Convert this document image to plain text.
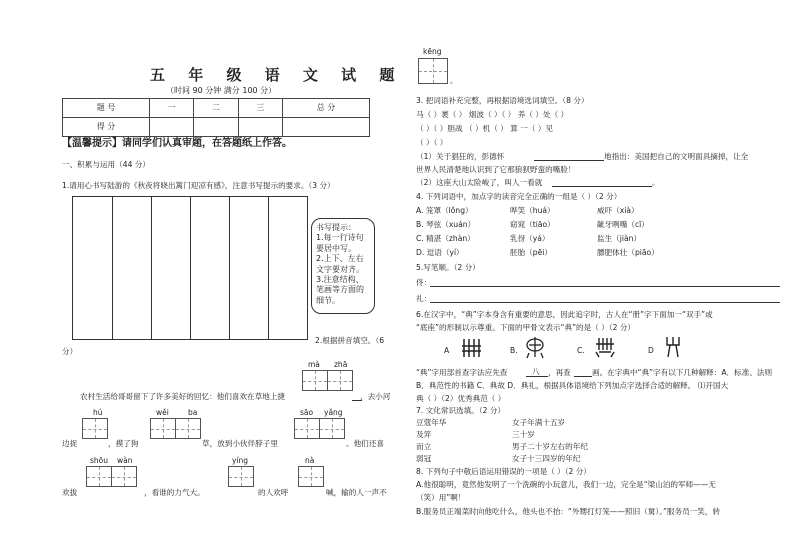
五 年 级 语 文 试 题
（时间 90 分钟 满分 100 分）
题 号	一	二	三	总 分
得 分				
【温馨提示】请同学们认真审题，在答题纸上作答。
一、积累与运用（44 分）
1.请用心书写陆游的《秋夜将晓出篱门迎凉有感》，注意书写提示的要求。（3 分）
书写提示：
1.每一行诗句要居中写。
2.上下、左右文字要对齐。
3.注意结构、笔画等方面的细节。
2.根据拼音填空。（6
分）
mà zhā
农村生活给哥哥留下了许多美好的回忆：他们喜欢在草地上捷	，去小河
hú	wěi	ba	sāo yǎng
边捉	，摸了狗	草，放到小伙伴脖子里	。他们还喜
shōu wàn	yíng	nà
欢拔	，看谁的力气大。	的人欢呼	喊，输的人一声不
kēng
。
3. 把词语补充完整，再根据语境选词填空。（8 分）
马（ ）裹（ ） 烟波（ ）（ ） 养（ ）处（ ）
（ ）（ ）胆战 （ ）机（ ） 算 一（ ）见
（ ）（ ）
（1）关于猖狂的，彭德怀	地指出：美国把自己的文明面具摘掉，让全
世界人民清楚地认识到了它那狼狈野蛮的嘴脸！
（2）这座大山太险峻了，叫人一看就	。
4. 下列词语中，加点字的读音完全正确的一组是（ ）（2 分）
A. 笼罩（lǒng）	哗笑（huá）	威吓（xià）
B. 琴弦（xuán）	窈窕（tiāo）	龇牙咧嘴（cī）
C. 精湛（zhàn）	乳伢（yá）	监生（jiàn）
D. 逗语（yí）	胚胎（pēi）	膘肥体壮（piāo）
5.写笔顺。（2 分）
佟：
礼：
6.在汉字中，“典”字本身含有重要的意思，因此追字时，古人在“册”字下面加一“双手”或
“底座”的形制以示尊重。下面的甲骨文表示“典”的是（ ）（2 分）
A	B.	C.	D
“典”字用部首查字法应先查	八 ，再查	画。在字典中“典”字有以下几种解释：A．标准、法则
B．典范性的书籍 C．典故 D．典礼，根据具体语境给下列加点字选择合适的解释。 ⑴开国大
典（ ）（2）优秀典范（ ）
7. 文化常识选填。（2 分）
豆蔻年华	女子年满十五岁
及笄	三十岁
而立	男子二十岁左右的年纪
弱冠	女子十三四岁的年纪
8. 下列句子中敬后语运用错误的一项是（ ）（2 分）
A.他很聪明，竟然他发明了一个洗碗的小玩意儿，我们一边，完全是“梁山泊的军师——无
（笑）用”啊！
B.服务员正端菜时向他吃什么，他头也不抬：“外甥打灯笼——照旧（舅）。”服务员一笑，转
